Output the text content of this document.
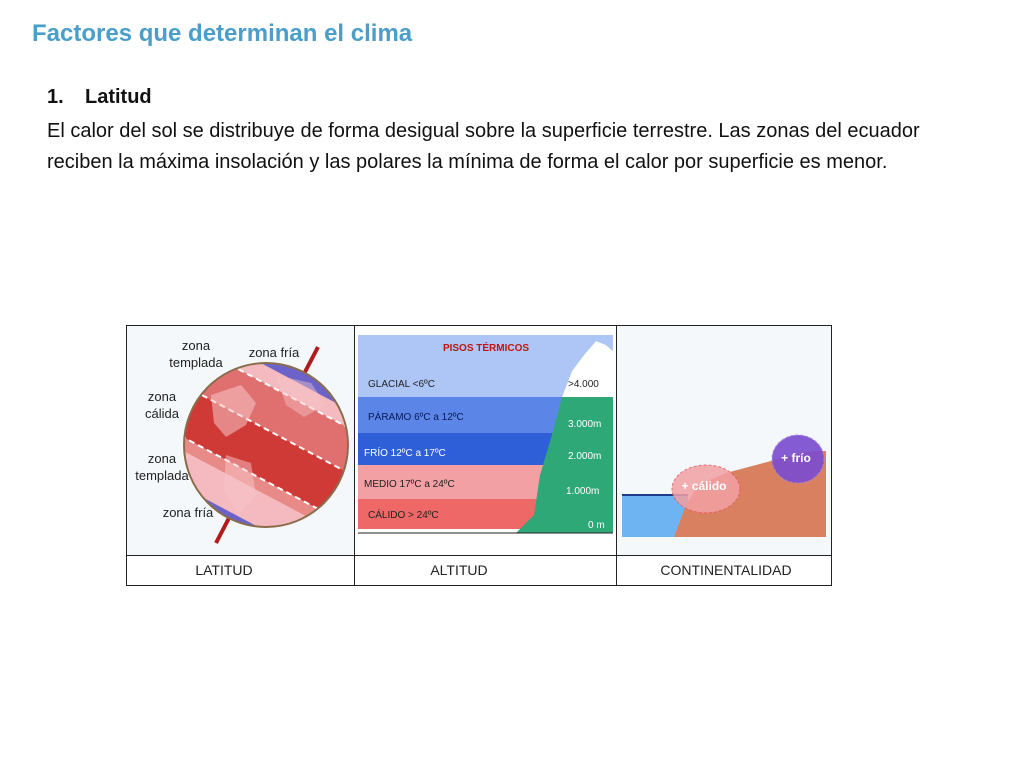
Factores que determinan el clima
1. Latitud

El calor del sol se distribuye de forma desigual sobre la superficie terrestre. Las zonas del ecuador reciben la máxima insolación y las polares la mínima de forma el calor por superficie es menor.

zona
templada
zona fría
zona
cálida
zona
templada
zona fría
PISOS TÉRMICOS
GLACIAL <6ºC
PÁRAMO 6ºC a 12ºC
FRÍO 12ºC a 17ºC
MEDIO 17ºC a 24ºC
CÁLIDO > 24ºC
>4.000
3.000m
2.000m
1.000m
0 m
+ cálido
+ frío
LATITUD	ALTITUD	CONTINENTALIDAD
